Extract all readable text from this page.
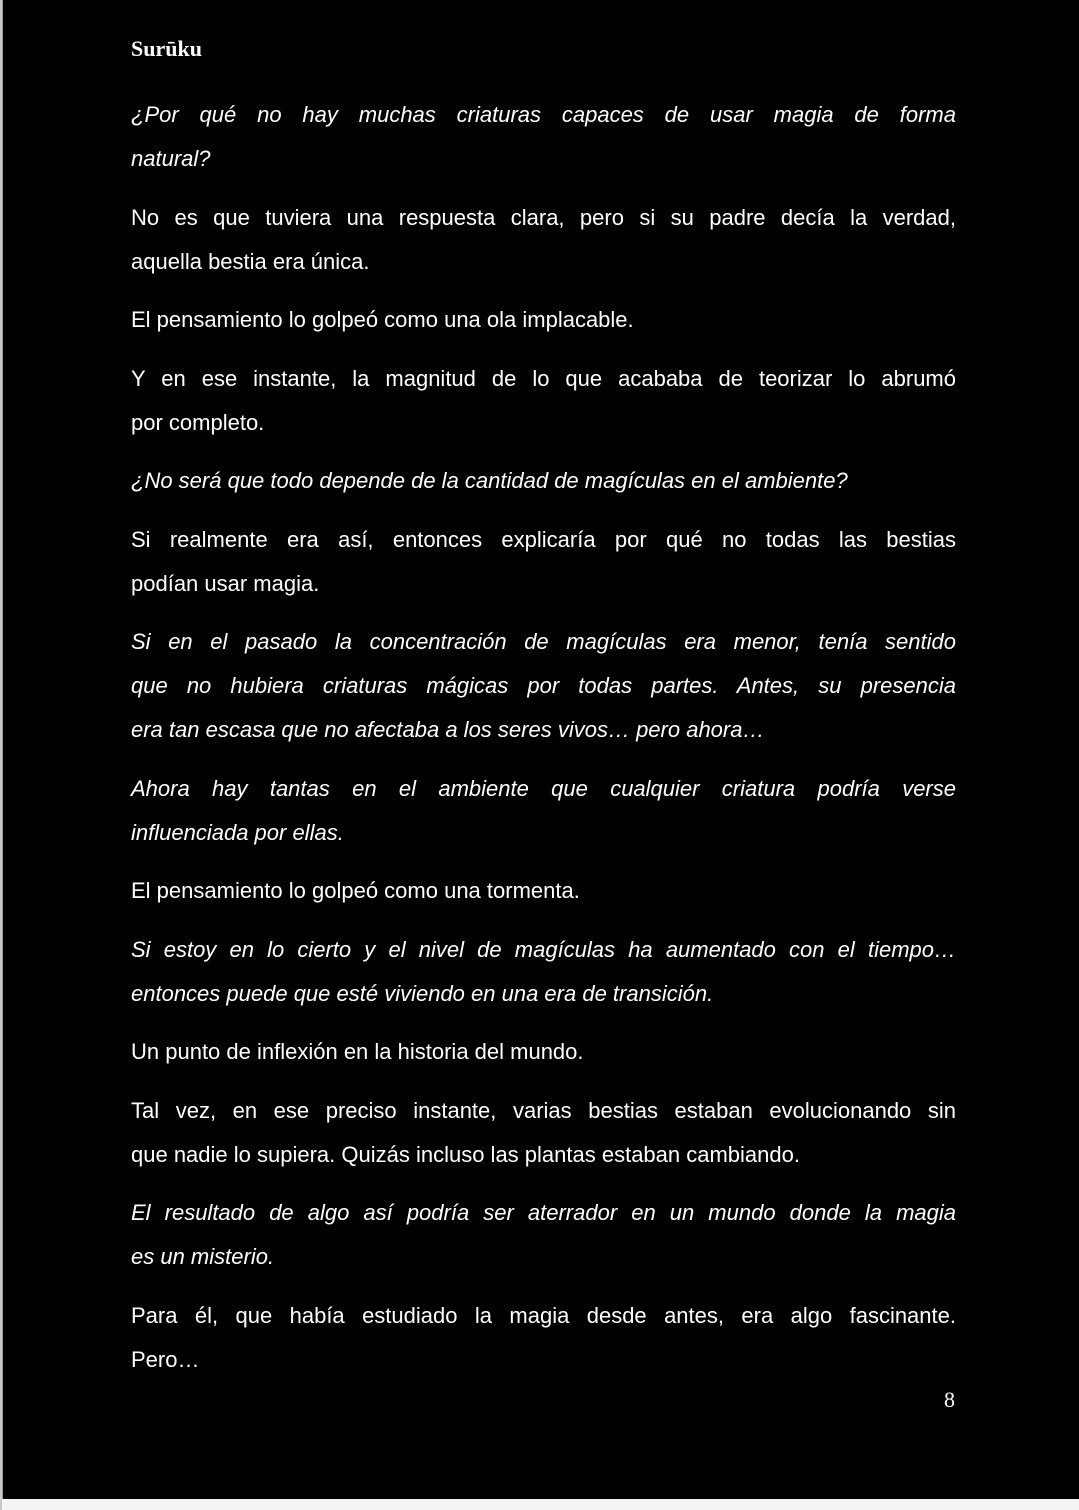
Surūku

¿Por qué no hay muchas criaturas capaces de usar magia de forma
natural?

No es que tuviera una respuesta clara, pero si su padre decía la verdad,
aquella bestia era única.

El pensamiento lo golpeó como una ola implacable.

Y en ese instante, la magnitud de lo que acababa de teorizar lo abrumó
por completo.

¿No será que todo depende de la cantidad de magículas en el ambiente?

Si realmente era así, entonces explicaría por qué no todas las bestias
podían usar magia.

Si en el pasado la concentración de magículas era menor, tenía sentido
que no hubiera criaturas mágicas por todas partes. Antes, su presencia
era tan escasa que no afectaba a los seres vivos… pero ahora…

Ahora hay tantas en el ambiente que cualquier criatura podría verse
influenciada por ellas.

El pensamiento lo golpeó como una tormenta.

Si estoy en lo cierto y el nivel de magículas ha aumentado con el tiempo…
entonces puede que esté viviendo en una era de transición.

Un punto de inflexión en la historia del mundo.

Tal vez, en ese preciso instante, varias bestias estaban evolucionando sin
que nadie lo supiera. Quizás incluso las plantas estaban cambiando.

El resultado de algo así podría ser aterrador en un mundo donde la magia
es un misterio.

Para él, que había estudiado la magia desde antes, era algo fascinante.
Pero…

8
